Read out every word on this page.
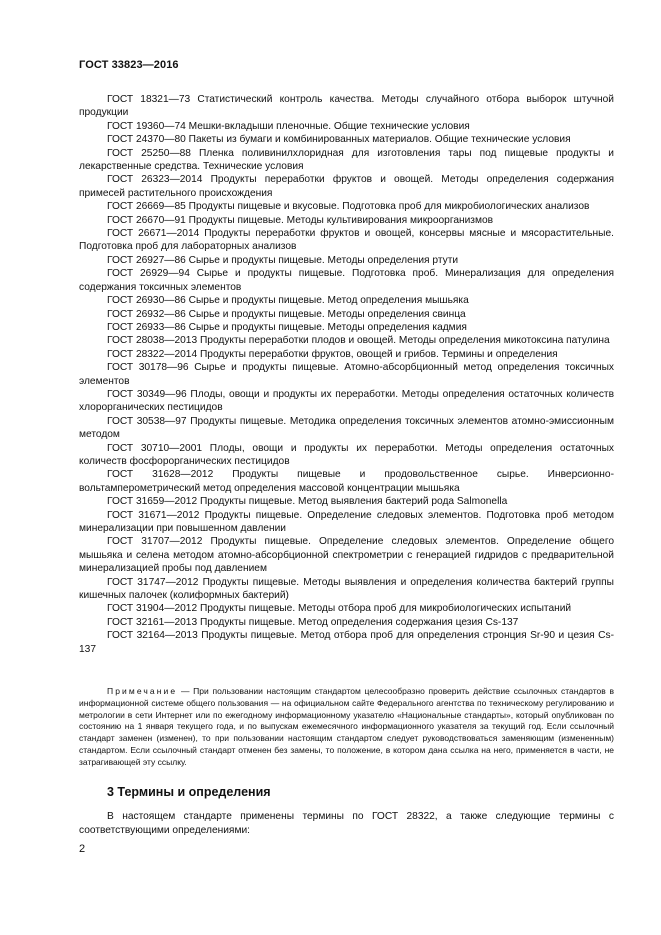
ГОСТ 33823—2016

ГОСТ 18321—73 Статистический контроль качества. Методы случайного отбора выборок штучной продукции

ГОСТ 19360—74 Мешки-вкладыши пленочные. Общие технические условия

ГОСТ 24370—80 Пакеты из бумаги и комбинированных материалов. Общие технические условия

ГОСТ 25250—88 Пленка поливинилхлоридная для изготовления тары под пищевые продукты и лекарственные средства. Технические условия

ГОСТ 26323—2014 Продукты переработки фруктов и овощей. Методы определения содержания примесей растительного происхождения

ГОСТ 26669—85 Продукты пищевые и вкусовые. Подготовка проб для микробиологических анализов

ГОСТ 26670—91 Продукты пищевые. Методы культивирования микроорганизмов

ГОСТ 26671—2014 Продукты переработки фруктов и овощей, консервы мясные и мясорастительные. Подготовка проб для лабораторных анализов

ГОСТ 26927—86 Сырье и продукты пищевые. Методы определения ртути

ГОСТ 26929—94 Сырье и продукты пищевые. Подготовка проб. Минерализация для определения содержания токсичных элементов

ГОСТ 26930—86 Сырье и продукты пищевые. Метод определения мышьяка

ГОСТ 26932—86 Сырье и продукты пищевые. Методы определения свинца

ГОСТ 26933—86 Сырье и продукты пищевые. Методы определения кадмия

ГОСТ 28038—2013 Продукты переработки плодов и овощей. Методы определения микотоксина патулина

ГОСТ 28322—2014 Продукты переработки фруктов, овощей и грибов. Термины и определения

ГОСТ 30178—96 Сырье и продукты пищевые. Атомно-абсорбционный метод определения токсичных элементов

ГОСТ 30349—96 Плоды, овощи и продукты их переработки. Методы определения остаточных количеств хлорорганических пестицидов

ГОСТ 30538—97 Продукты пищевые. Методика определения токсичных элементов атомно-эмиссионным методом

ГОСТ 30710—2001 Плоды, овощи и продукты их переработки. Методы определения остаточных количеств фосфорорганических пестицидов

ГОСТ 31628—2012 Продукты пищевые и продовольственное сырье. Инверсионно-вольтамперометрический метод определения массовой концентрации мышьяка

ГОСТ 31659—2012 Продукты пищевые. Метод выявления бактерий рода Salmonella

ГОСТ 31671—2012 Продукты пищевые. Определение следовых элементов. Подготовка проб методом минерализации при повышенном давлении

ГОСТ 31707—2012 Продукты пищевые. Определение следовых элементов. Определение общего мышьяка и селена методом атомно-абсорбционной спектрометрии с генерацией гидридов с предварительной минерализацией пробы под давлением

ГОСТ 31747—2012 Продукты пищевые. Методы выявления и определения количества бактерий группы кишечных палочек (колиформных бактерий)

ГОСТ 31904—2012 Продукты пищевые. Методы отбора проб для микробиологических испытаний

ГОСТ 32161—2013 Продукты пищевые. Метод определения содержания цезия Cs-137

ГОСТ 32164—2013 Продукты пищевые. Метод отбора проб для определения стронция Sr-90 и цезия Cs-137

Примечание — При пользовании настоящим стандартом целесообразно проверить действие ссылочных стандартов в информационной системе общего пользования — на официальном сайте Федерального агентства по техническому регулированию и метрологии в сети Интернет или по ежегодному информационному указателю «Национальные стандарты», который опубликован по состоянию на 1 января текущего года, и по выпускам ежемесячного информационного указателя за текущий год. Если ссылочный стандарт заменен (изменен), то при пользовании настоящим стандартом следует руководствоваться заменяющим (измененным) стандартом. Если ссылочный стандарт отменен без замены, то положение, в котором дана ссылка на него, применяется в части, не затрагивающей эту ссылку.

3 Термины и определения

В настоящем стандарте применены термины по ГОСТ 28322, а также следующие термины с соответствующими определениями:

2
